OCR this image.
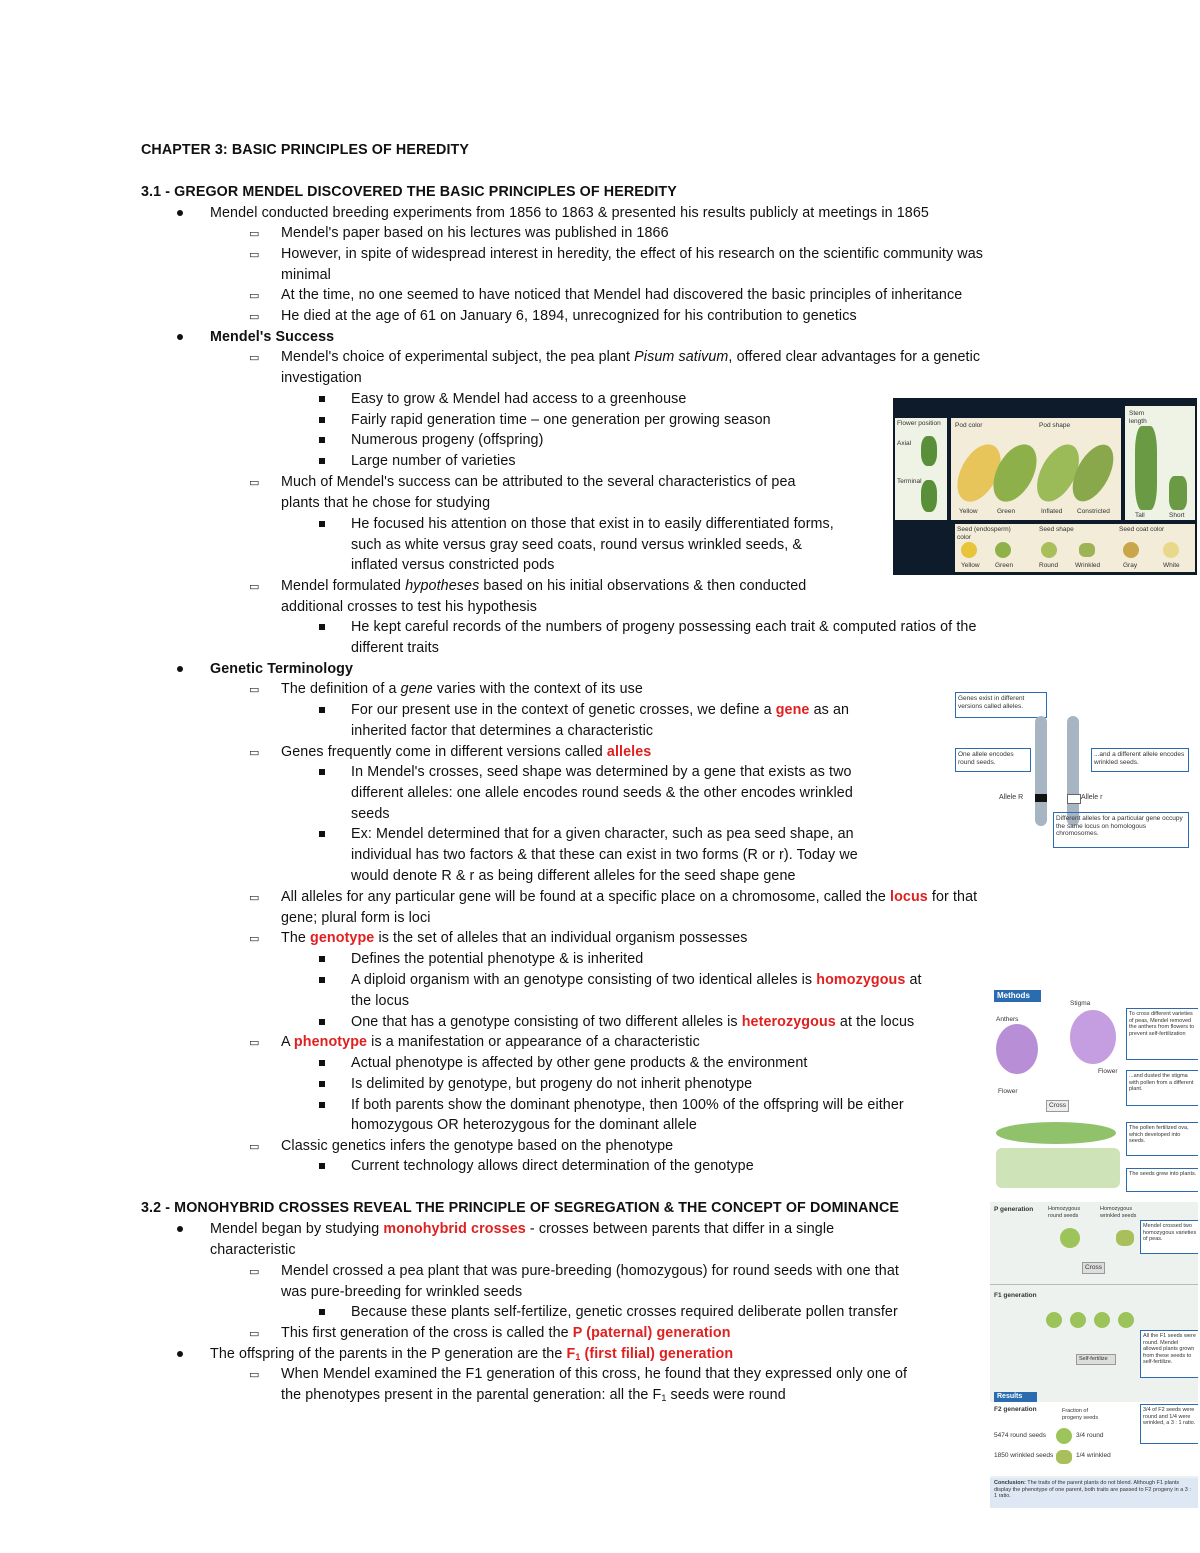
CHAPTER 3: BASIC PRINCIPLES OF HEREDITY
3.1 - GREGOR MENDEL DISCOVERED THE BASIC PRINCIPLES OF HEREDITY
Mendel conducted breeding experiments from 1856 to 1863 & presented his results publicly at meetings in 1865
▭ Mendel's paper based on his lectures was published in 1866
▭ However, in spite of widespread interest in heredity, the effect of his research on the scientific community was
minimal
▭ At the time, no one seemed to have noticed that Mendel had discovered the basic principles of inheritance
▭ He died at the age of 61 on January 6, 1894, unrecognized for his contribution to genetics
Mendel's Success
▭ Mendel's choice of experimental subject, the pea plant Pisum sativum, offered clear advantages for a genetic
investigation
Easy to grow & Mendel had access to a greenhouse
Fairly rapid generation time – one generation per growing season
Numerous progeny (offspring)
Large number of varieties
▭ Much of Mendel's success can be attributed to the several characteristics of pea
plants that he chose for studying
He focused his attention on those that exist in to easily differentiated forms,
such as white versus gray seed coats, round versus wrinkled seeds, &
inflated versus constricted pods
▭ Mendel formulated hypotheses based on his initial observations & then conducted
additional crosses to test his hypothesis
He kept careful records of the numbers of progeny possessing each trait & computed ratios of the
different traits
Genetic Terminology
▭ The definition of a gene varies with the context of its use
For our present use in the context of genetic crosses, we define a gene as an
inherited factor that determines a characteristic
▭ Genes frequently come in different versions called alleles
In Mendel's crosses, seed shape was determined by a gene that exists as two
different alleles: one allele encodes round seeds & the other encodes wrinkled
seeds
Ex: Mendel determined that for a given character, such as pea seed shape, an
individual has two factors & that these can exist in two forms (R or r). Today we
would denote R & r as being different alleles for the seed shape gene
▭ All alleles for any particular gene will be found at a specific place on a chromosome, called the locus for that
gene; plural form is loci
▭ The genotype is the set of alleles that an individual organism possesses
Defines the potential phenotype & is inherited
A diploid organism with an genotype consisting of two identical alleles is homozygous at
the locus
One that has a genotype consisting of two different alleles is heterozygous at the locus
▭ A phenotype is a manifestation or appearance of a characteristic
Actual phenotype is affected by other gene products & the environment
Is delimited by genotype, but progeny do not inherit phenotype
If both parents show the dominant phenotype, then 100% of the offspring will be either
homozygous OR heterozygous for the dominant allele
▭ Classic genetics infers the genotype based on the phenotype
Current technology allows direct determination of the genotype
3.2 - MONOHYBRID CROSSES REVEAL THE PRINCIPLE OF SEGREGATION & THE CONCEPT OF DOMINANCE
Mendel began by studying monohybrid crosses - crosses between parents that differ in a single
characteristic
▭ Mendel crossed a pea plant that was pure-breeding (homozygous) for round seeds with one that
was pure-breeding for wrinkled seeds
Because these plants self-fertilize, genetic crosses required deliberate pollen transfer
▭ This first generation of the cross is called the P (paternal) generation
The offspring of the parents in the P generation are the $F_1$ (first filial) generation
▭ When Mendel examined the F1 generation of this cross, he found that they expressed only one of
the phenotypes present in the parental generation: all the $F_1$ seeds were round
Flower position
Axial
Terminal
Pod color	Pod shape
Yellow	Green	Inflated Constricted
Stem length
Tall	Short
Seed (endosperm) color
Seed shape	Seed coat color
Yellow Green	Round	Wrinkled	Gray	White
Genes exist in different versions called alleles.
One allele encodes round seeds.
...and a different allele encodes wrinkled seeds.
Allele R	Allele r
Different alleles for a particular gene occupy the same locus on homologous chromosomes.
Methods
Stigma
Anthers
Flower
Flower
Cross
To cross different varieties of peas, Mendel removed the anthers from flowers to prevent self-fertilization
...and dusted the stigma with pollen from a different plant.
The pollen fertilized ova, which developed into seeds.
The seeds grew into plants.
P generation	Homozygous round seeds
Homozygous wrinkled seeds
Mendel crossed two homozygous varieties of peas.
Cross
F1 generation
Self-fertilize
All the F1 seeds were round. Mendel allowed plants grown from these seeds to self-fertilize.
Results
F2 generation	Fraction of progeny seeds
5474 round seeds
1850 wrinkled seeds
3/4 round
1/4 wrinkled
3/4 of F2 seeds were round and 1/4 were wrinkled, a 3 : 1 ratio.
Conclusion: The traits of the parent plants do not blend. Although F1 plants display the phenotype of one parent, both traits are passed to F2 progeny in a 3 : 1 ratio.
